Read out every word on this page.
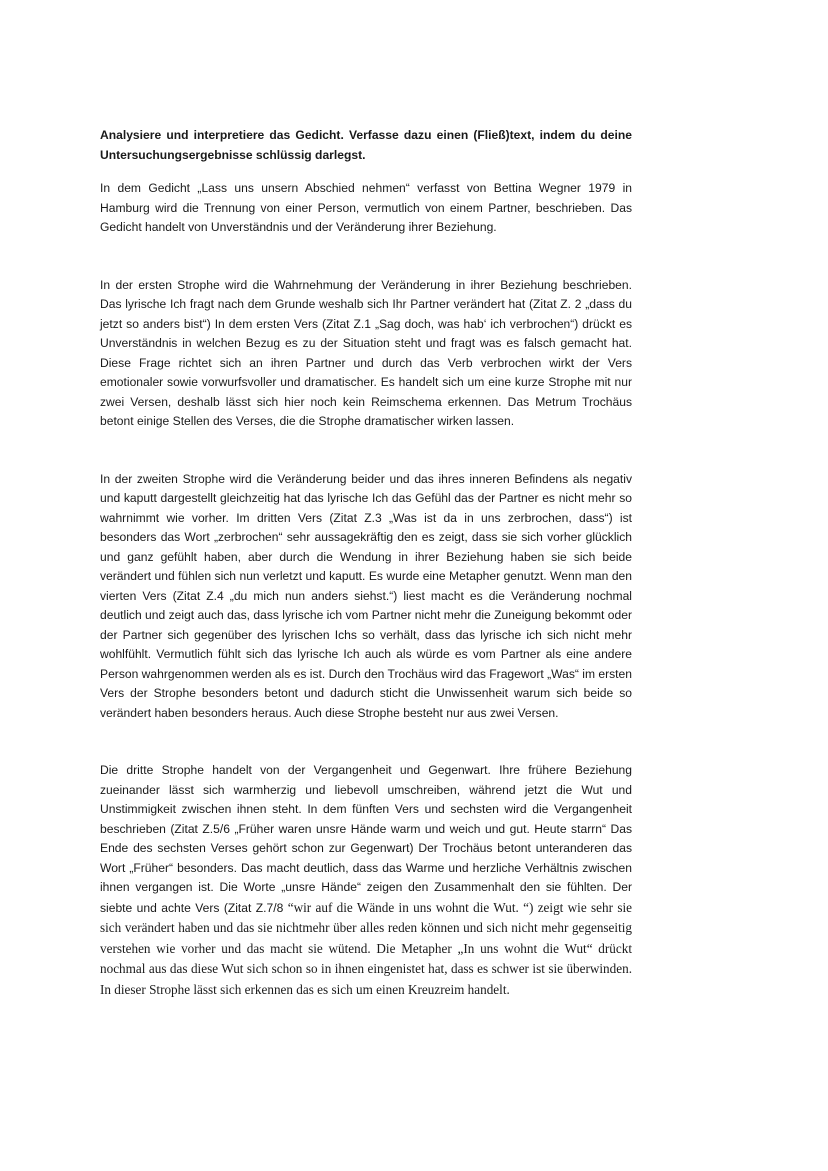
Analysiere und interpretiere das Gedicht. Verfasse dazu einen (Fließ)text, indem du deine Untersuchungsergebnisse schlüssig darlegst.

In dem Gedicht „Lass uns unsern Abschied nehmen“ verfasst von Bettina Wegner 1979 in Hamburg wird die Trennung von einer Person, vermutlich von einem Partner, beschrieben. Das Gedicht handelt von Unverständnis und der Veränderung ihrer Beziehung.

In der ersten Strophe wird die Wahrnehmung der Veränderung in ihrer Beziehung beschrieben. Das lyrische Ich fragt nach dem Grunde weshalb sich Ihr Partner verändert hat (Zitat Z. 2 „dass du jetzt so anders bist“) In dem ersten Vers (Zitat Z.1 „Sag doch, was hab‘ ich verbrochen“) drückt es Unverständnis in welchen Bezug es zu der Situation steht und fragt was es falsch gemacht hat. Diese Frage richtet sich an ihren Partner und durch das Verb verbrochen wirkt der Vers emotionaler sowie vorwurfsvoller und dramatischer. Es handelt sich um eine kurze Strophe mit nur zwei Versen, deshalb lässt sich hier noch kein Reimschema erkennen. Das Metrum Trochäus betont einige Stellen des Verses, die die Strophe dramatischer wirken lassen.

In der zweiten Strophe wird die Veränderung beider und das ihres inneren Befindens als negativ und kaputt dargestellt gleichzeitig hat das lyrische Ich das Gefühl das der Partner es nicht mehr so wahrnimmt wie vorher. Im dritten Vers (Zitat Z.3 „Was ist da in uns zerbrochen, dass“) ist besonders das Wort „zerbrochen“ sehr aussagekräftig den es zeigt, dass sie sich vorher glücklich und ganz gefühlt haben, aber durch die Wendung in ihrer Beziehung haben sie sich beide verändert und fühlen sich nun verletzt und kaputt. Es wurde eine Metapher genutzt. Wenn man den vierten Vers (Zitat Z.4 „du mich nun anders siehst.“) liest macht es die Veränderung nochmal deutlich und zeigt auch das, dass lyrische ich vom Partner nicht mehr die Zuneigung bekommt oder der Partner sich gegenüber des lyrischen Ichs so verhält, dass das lyrische ich sich nicht mehr wohlfühlt. Vermutlich fühlt sich das lyrische Ich auch als würde es vom Partner als eine andere Person wahrgenommen werden als es ist. Durch den Trochäus wird das Fragewort „Was“ im ersten Vers der Strophe besonders betont und dadurch sticht die Unwissenheit warum sich beide so verändert haben besonders heraus. Auch diese Strophe besteht nur aus zwei Versen.

Die dritte Strophe handelt von der Vergangenheit und Gegenwart. Ihre frühere Beziehung zueinander lässt sich warmherzig und liebevoll umschreiben, während jetzt die Wut und Unstimmigkeit zwischen ihnen steht. In dem fünften Vers und sechsten wird die Vergangenheit beschrieben (Zitat Z.5/6 „Früher waren unsre Hände warm und weich und gut. Heute starrn“ Das Ende des sechsten Verses gehört schon zur Gegenwart) Der Trochäus betont unteranderen das Wort „Früher“ besonders. Das macht deutlich, dass das Warme und herzliche Verhältnis zwischen ihnen vergangen ist. Die Worte „unsre Hände“ zeigen den Zusammenhalt den sie fühlten. Der siebte und achte Vers (Zitat Z.7/8 “wir auf die Wände in uns wohnt die Wut. “) zeigt wie sehr sie sich verändert haben und das sie nichtmehr über alles reden können und sich nicht mehr gegenseitig verstehen wie vorher und das macht sie wütend. Die Metapher „In uns wohnt die Wut“ drückt nochmal aus das diese Wut sich schon so in ihnen eingenistet hat, dass es schwer ist sie überwinden. In dieser Strophe lässt sich erkennen das es sich um einen Kreuzreim handelt.
